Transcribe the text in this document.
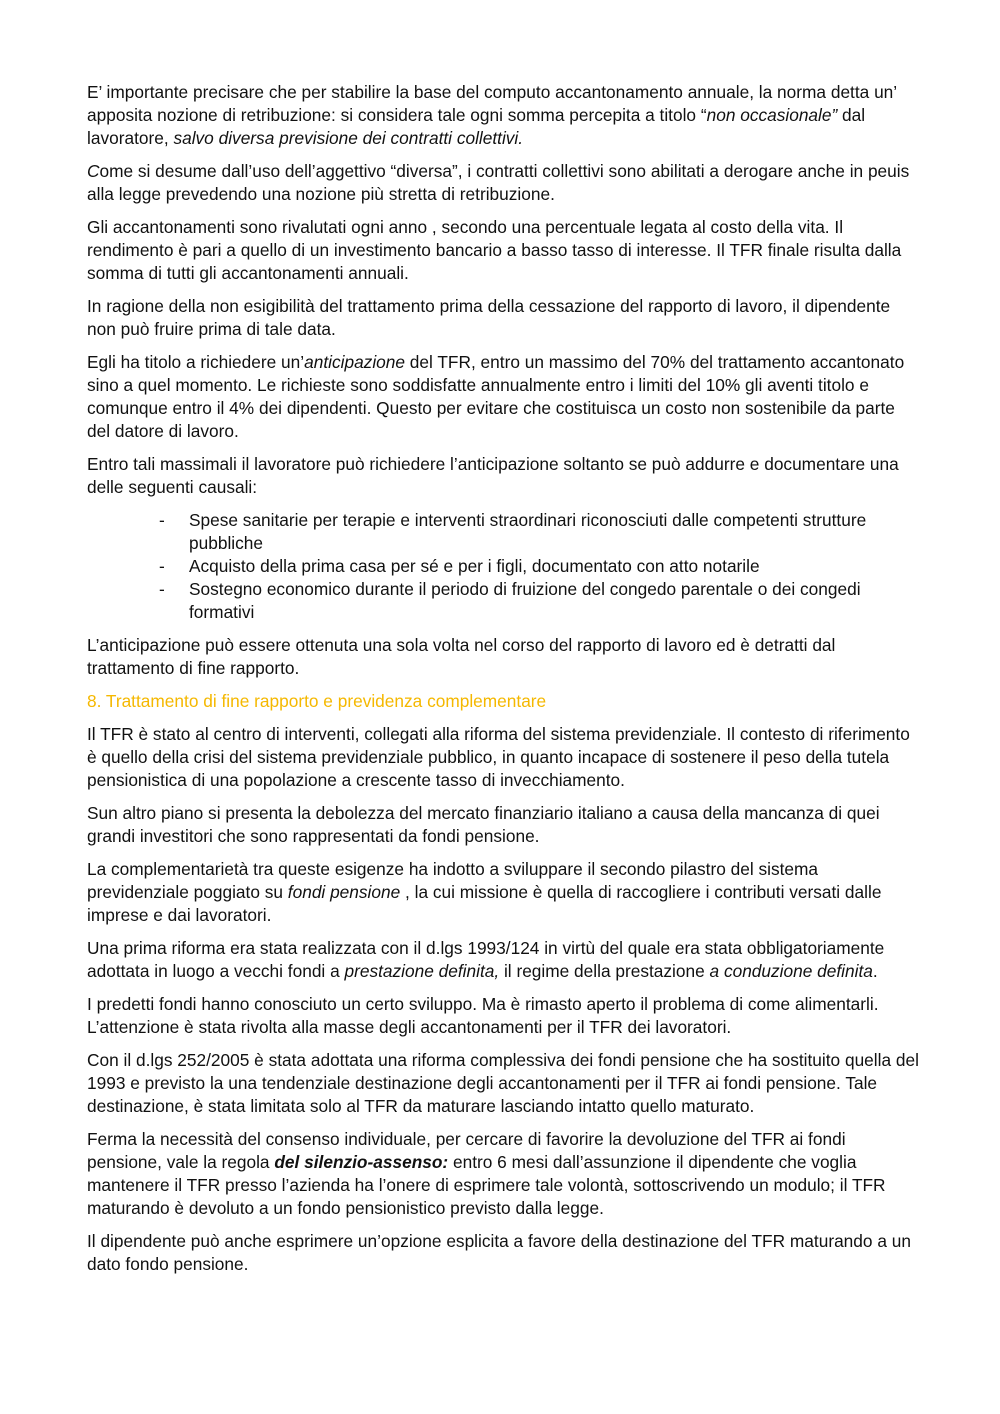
E’ importante precisare che per stabilire la base del computo accantonamento annuale, la norma detta un’ apposita nozione di retribuzione: si considera tale ogni somma percepita a titolo “non occasionale” dal lavoratore, salvo diversa previsione dei contratti collettivi.

Come si desume dall’uso dell’aggettivo “diversa”, i contratti collettivi sono abilitati a derogare anche in peuis alla legge prevedendo una nozione più stretta di retribuzione.

Gli accantonamenti sono rivalutati ogni anno , secondo una percentuale legata al costo della vita. Il rendimento è pari a quello di un investimento bancario a basso tasso di interesse. Il TFR finale risulta dalla somma di tutti gli accantonamenti annuali.

In ragione della non esigibilità del trattamento prima della cessazione del rapporto di lavoro, il dipendente non può fruire prima di tale data.

Egli ha titolo a richiedere un’anticipazione del TFR, entro un massimo del 70% del trattamento accantonato sino a quel momento. Le richieste sono soddisfatte annualmente entro i limiti del 10% gli aventi titolo e comunque entro il 4% dei dipendenti. Questo per evitare che costituisca un costo non sostenibile da parte del datore di lavoro.

Entro tali massimali il lavoratore può richiedere l’anticipazione soltanto se può addurre e documentare una delle seguenti causali:

- Spese sanitarie per terapie e interventi straordinari riconosciuti dalle competenti strutture pubbliche
- Acquisto della prima casa per sé e per i figli, documentato con atto notarile
- Sostegno economico durante il periodo di fruizione del congedo parentale o dei congedi formativi

L’anticipazione può essere ottenuta una sola volta nel corso del rapporto di lavoro ed è detratti dal trattamento di fine rapporto.

8. Trattamento di fine rapporto e previdenza complementare

Il TFR è stato al centro di interventi, collegati alla riforma del sistema previdenziale. Il contesto di riferimento è quello della crisi del sistema previdenziale pubblico, in quanto incapace di sostenere il peso della tutela pensionistica di una popolazione a crescente tasso di invecchiamento.

Sun altro piano si presenta la debolezza del mercato finanziario italiano a causa della mancanza di quei grandi investitori che sono rappresentati da fondi pensione.

La complementarietà tra queste esigenze ha indotto a sviluppare il secondo pilastro del sistema previdenziale poggiato su fondi pensione , la cui missione è quella di raccogliere i contributi versati dalle imprese e dai lavoratori.

Una prima riforma era stata realizzata con il d.lgs 1993/124 in virtù del quale era stata obbligatoriamente adottata in luogo a vecchi fondi a prestazione definita, il regime della prestazione a conduzione definita.

I predetti fondi hanno conosciuto un certo sviluppo. Ma è rimasto aperto il problema di come alimentarli. L’attenzione è stata rivolta alla masse degli accantonamenti per il TFR dei lavoratori.

Con il d.lgs 252/2005 è stata adottata una riforma complessiva dei fondi pensione che ha sostituito quella del 1993 e previsto la una tendenziale destinazione degli accantonamenti per il TFR ai fondi pensione. Tale destinazione, è stata limitata solo al TFR da maturare lasciando intatto quello maturato.

Ferma la necessità del consenso individuale, per cercare di favorire la devoluzione del TFR ai fondi pensione, vale la regola del silenzio-assenso: entro 6 mesi dall’assunzione il dipendente che voglia mantenere il TFR presso l’azienda ha l’onere di esprimere tale volontà, sottoscrivendo un modulo; il TFR maturando è devoluto a un fondo pensionistico previsto dalla legge.

Il dipendente può anche esprimere un’opzione esplicita a favore della destinazione del TFR maturando a un dato fondo pensione.
